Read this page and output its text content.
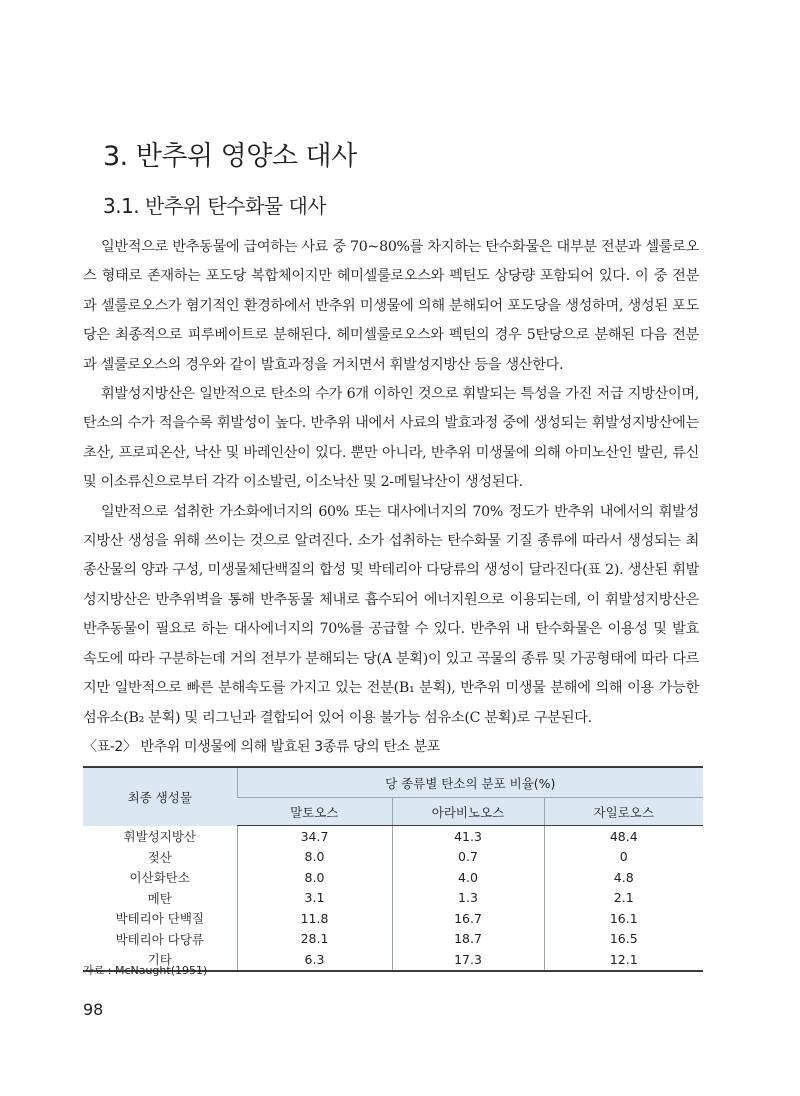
3. 반추위 영양소 대사
3.1. 반추위 탄수화물 대사

일반적으로 반추동물에 급여하는 사료 중 70~80%를 차지하는 탄수화물은 대부분 전분과 셀룰로오스 형태로 존재하는 포도당 복합체이지만 헤미셀룰로오스와 펙틴도 상당량 포함되어 있다. 이 중 전분과 셀룰로오스가 혐기적인 환경하에서 반추위 미생물에 의해 분해되어 포도당을 생성하며, 생성된 포도당은 최종적으로 피루베이트로 분해된다. 헤미셀룰로오스와 펙틴의 경우 5탄당으로 분해된 다음 전분과 셀룰로오스의 경우와 같이 발효과정을 거치면서 휘발성지방산 등을 생산한다.

휘발성지방산은 일반적으로 탄소의 수가 6개 이하인 것으로 휘발되는 특성을 가진 저급 지방산이며, 탄소의 수가 적을수록 휘발성이 높다. 반추위 내에서 사료의 발효과정 중에 생성되는 휘발성지방산에는 초산, 프로피온산, 낙산 및 바레인산이 있다. 뿐만 아니라, 반추위 미생물에 의해 아미노산인 발린, 류신 및 이소류신으로부터 각각 이소발린, 이소낙산 및 2-메틸낙산이 생성된다.

일반적으로 섭취한 가소화에너지의 60% 또는 대사에너지의 70% 정도가 반추위 내에서의 휘발성지방산 생성을 위해 쓰이는 것으로 알려진다. 소가 섭취하는 탄수화물 기질 종류에 따라서 생성되는 최종산물의 양과 구성, 미생물체단백질의 합성 및 박테리아 다당류의 생성이 달라진다(표 2). 생산된 휘발성지방산은 반추위벽을 통해 반추동물 체내로 흡수되어 에너지원으로 이용되는데, 이 휘발성지방산은 반추동물이 필요로 하는 대사에너지의 70%를 공급할 수 있다. 반추위 내 탄수화물은 이용성 및 발효 속도에 따라 구분하는데 거의 전부가 분해되는 당(A 분획)이 있고 곡물의 종류 및 가공형태에 따라 다르지만 일반적으로 빠른 분해속도를 가지고 있는 전분(B₁ 분획), 반추위 미생물 분해에 의해 이용 가능한 섬유소(B₂ 분획) 및 리그닌과 결합되어 있어 이용 불가능 섬유소(C 분획)로 구분된다.

〈표-2〉 반추위 미생물에 의해 발효된 3종류 당의 탄소 분포
최종 생성물	당 종류별 탄소의 분포 비율(%)		
	말토오스	아라비노오스	자일로오스
휘발성지방산	34.7	41.3	48.4
젖산	8.0	0.7	0
이산화탄소	8.0	4.0	4.8
메탄	3.1	1.3	2.1
박테리아 단백질	11.8	16.7	16.1
박테리아 다당류	28.1	18.7	16.5
기타	6.3	17.3	12.1
자료 : McNaught(1951)
98
